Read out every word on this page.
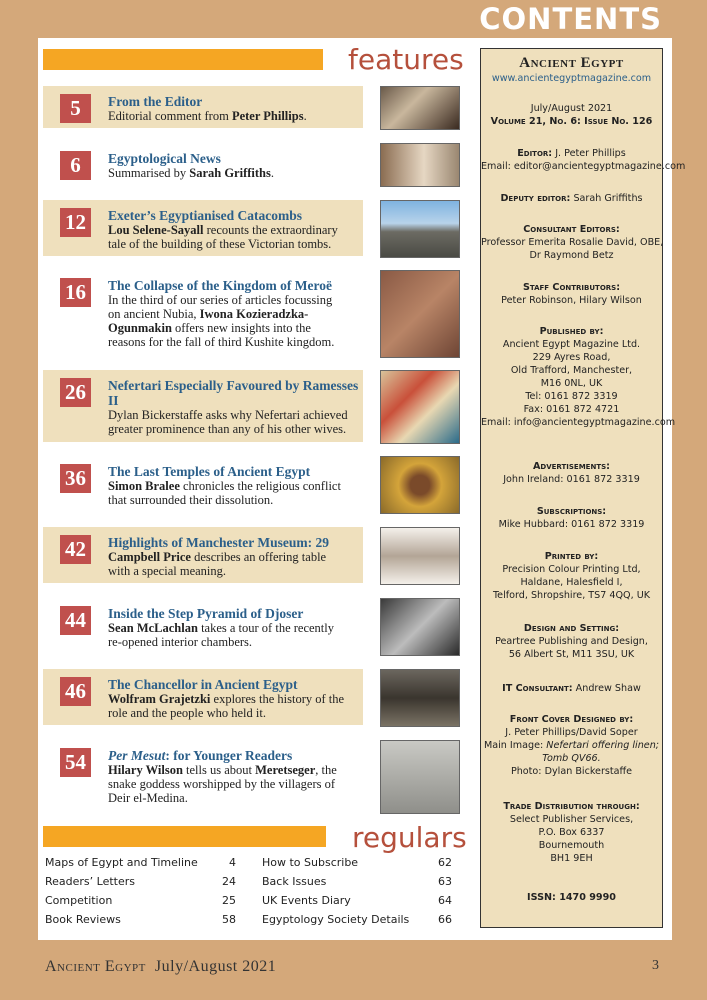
CONTENTS
features
5	From the Editor
Editorial comment from Peter Phillips.
6	Egyptological News
Summarised by Sarah Griffiths.
12	Exeter’s Egyptianised Catacombs
Lou Selene-Sayall recounts the extraordinary
tale of the building of these Victorian tombs.
16	The Collapse of the Kingdom of Meroë
In the third of our series of articles focussing
on ancient Nubia, Iwona Kozieradzka-
Ogunmakin offers new insights into the
reasons for the fall of third Kushite kingdom.
26	Nefertari Especially Favoured by Ramesses II
Dylan Bickerstaffe asks why Nefertari achieved
greater prominence than any of his other wives.
36	The Last Temples of Ancient Egypt
Simon Bralee chronicles the religious conflict
that surrounded their dissolution.
42	Highlights of Manchester Museum: 29
Campbell Price describes an offering table
with a special meaning.
44	Inside the Step Pyramid of Djoser
Sean McLachlan takes a tour of the recently
re-opened interior chambers.
46	The Chancellor in Ancient Egypt
Wolfram Grajetzki explores the history of the
role and the people who held it.
54	Per Mesut: for Younger Readers
Hilary Wilson tells us about Meretseger, the
snake goddess worshipped by the villagers of
Deir el-Medina.
regulars
Maps of Egypt and Timeline	4
Readers’ Letters	24
Competition	25
Book Reviews	58
How to Subscribe	62
Back Issues	63
UK Events Diary	64
Egyptology Society Details	66
Ancient Egypt
www.ancientegyptmagazine.com
July/August 2021
Volume 21, No. 6: Issue No. 126
Editor: J. Peter Phillips
Email: editor@ancientegyptmagazine.com
Deputy editor: Sarah Griffiths
Consultant Editors:
Professor Emerita Rosalie David, OBE,
Dr Raymond Betz
Staff Contributors:
Peter Robinson, Hilary Wilson
Published by:
Ancient Egypt Magazine Ltd.
229 Ayres Road,
Old Trafford, Manchester,
M16 0NL, UK
Tel: 0161 872 3319
Fax: 0161 872 4721
Email: info@ancientegyptmagazine.com
Advertisements:
John Ireland: 0161 872 3319
Subscriptions:
Mike Hubbard: 0161 872 3319
Printed by:
Precision Colour Printing Ltd,
Haldane, Halesfield I,
Telford, Shropshire, TS7 4QQ, UK
Design and Setting:
Peartree Publishing and Design,
56 Albert St, M11 3SU, UK
IT Consultant: Andrew Shaw
Front Cover Designed by:
J. Peter Phillips/David Soper
Main Image: Nefertari offering linen;
Tomb QV66.
Photo: Dylan Bickerstaffe
Trade Distribution through:
Select Publisher Services,
P.O. Box 6337
Bournemouth
BH1 9EH
ISSN: 1470 9990
Ancient Egypt July/August 2021	3
